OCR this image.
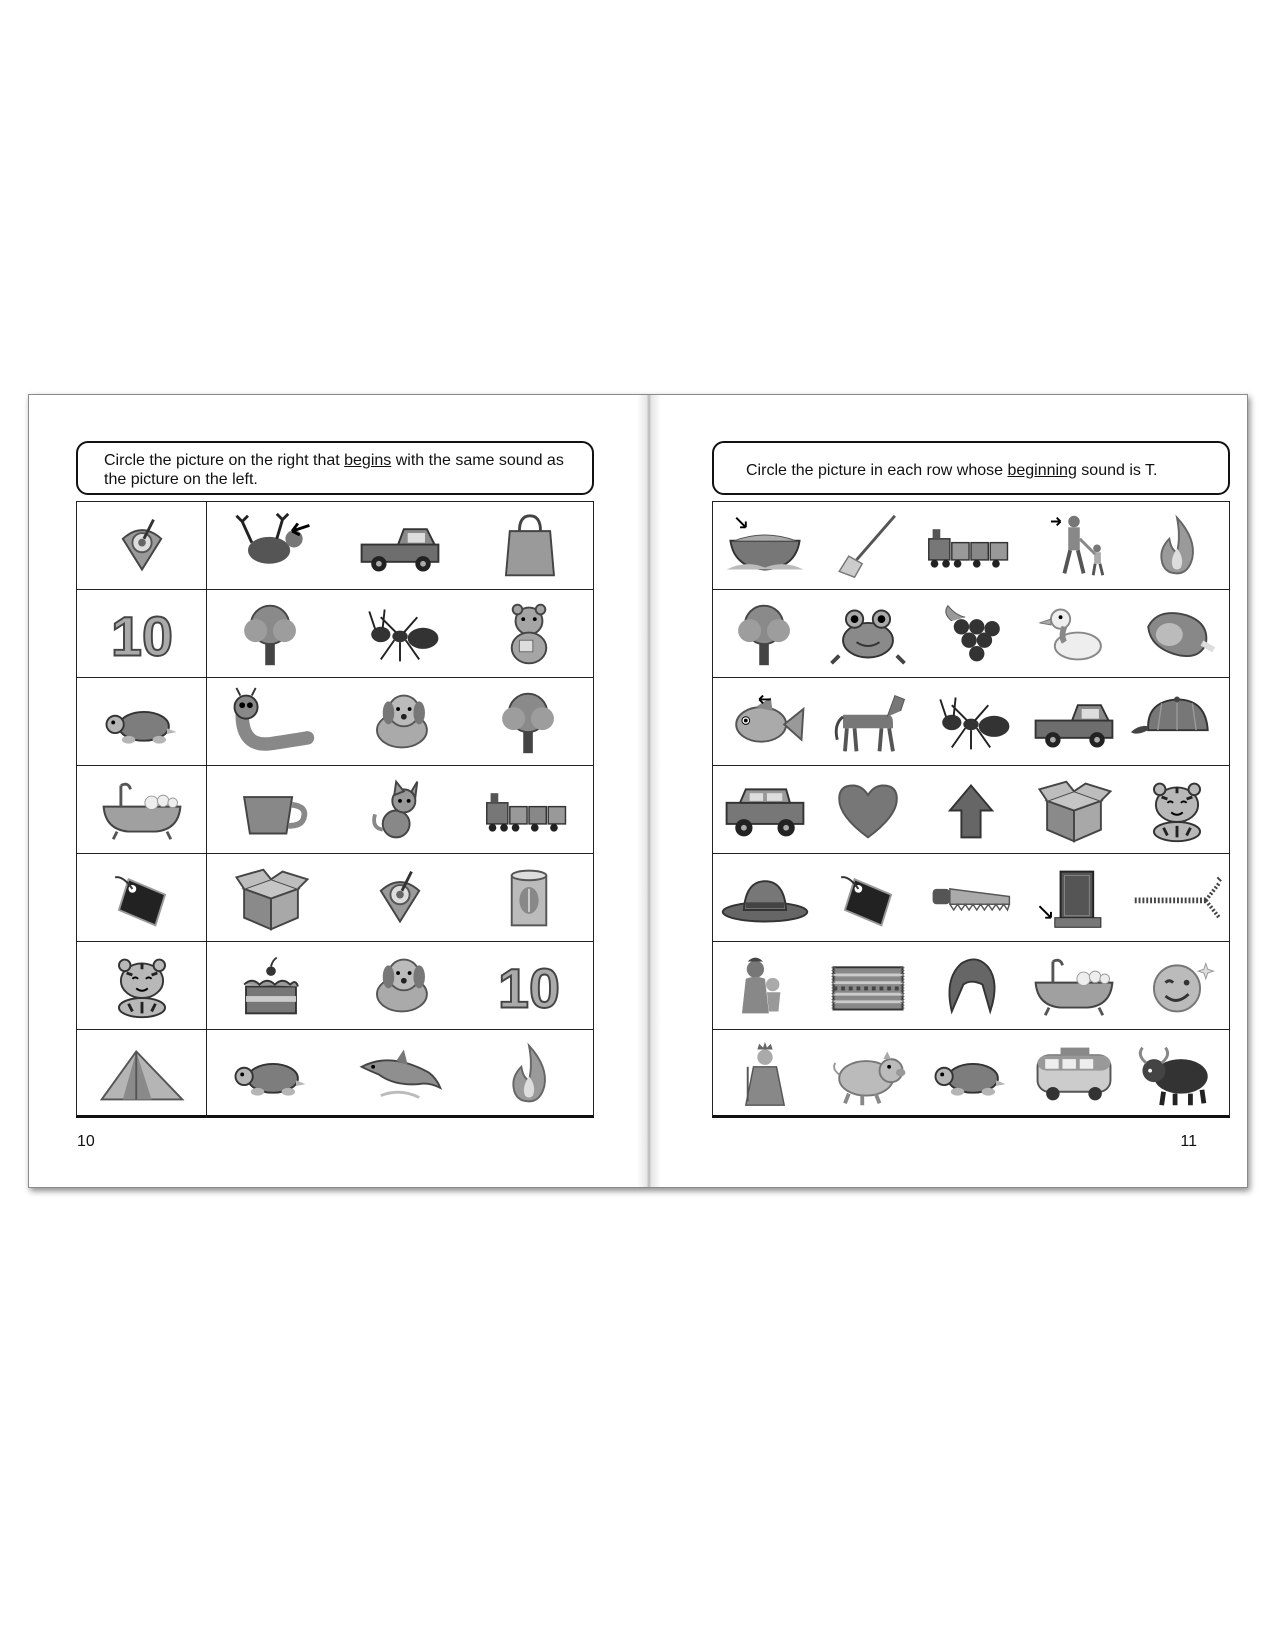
Circle the picture on the right that begins with the same sound as the picture on the left.
10
10
10
Circle the picture in each row whose beginning sound is T.
11
